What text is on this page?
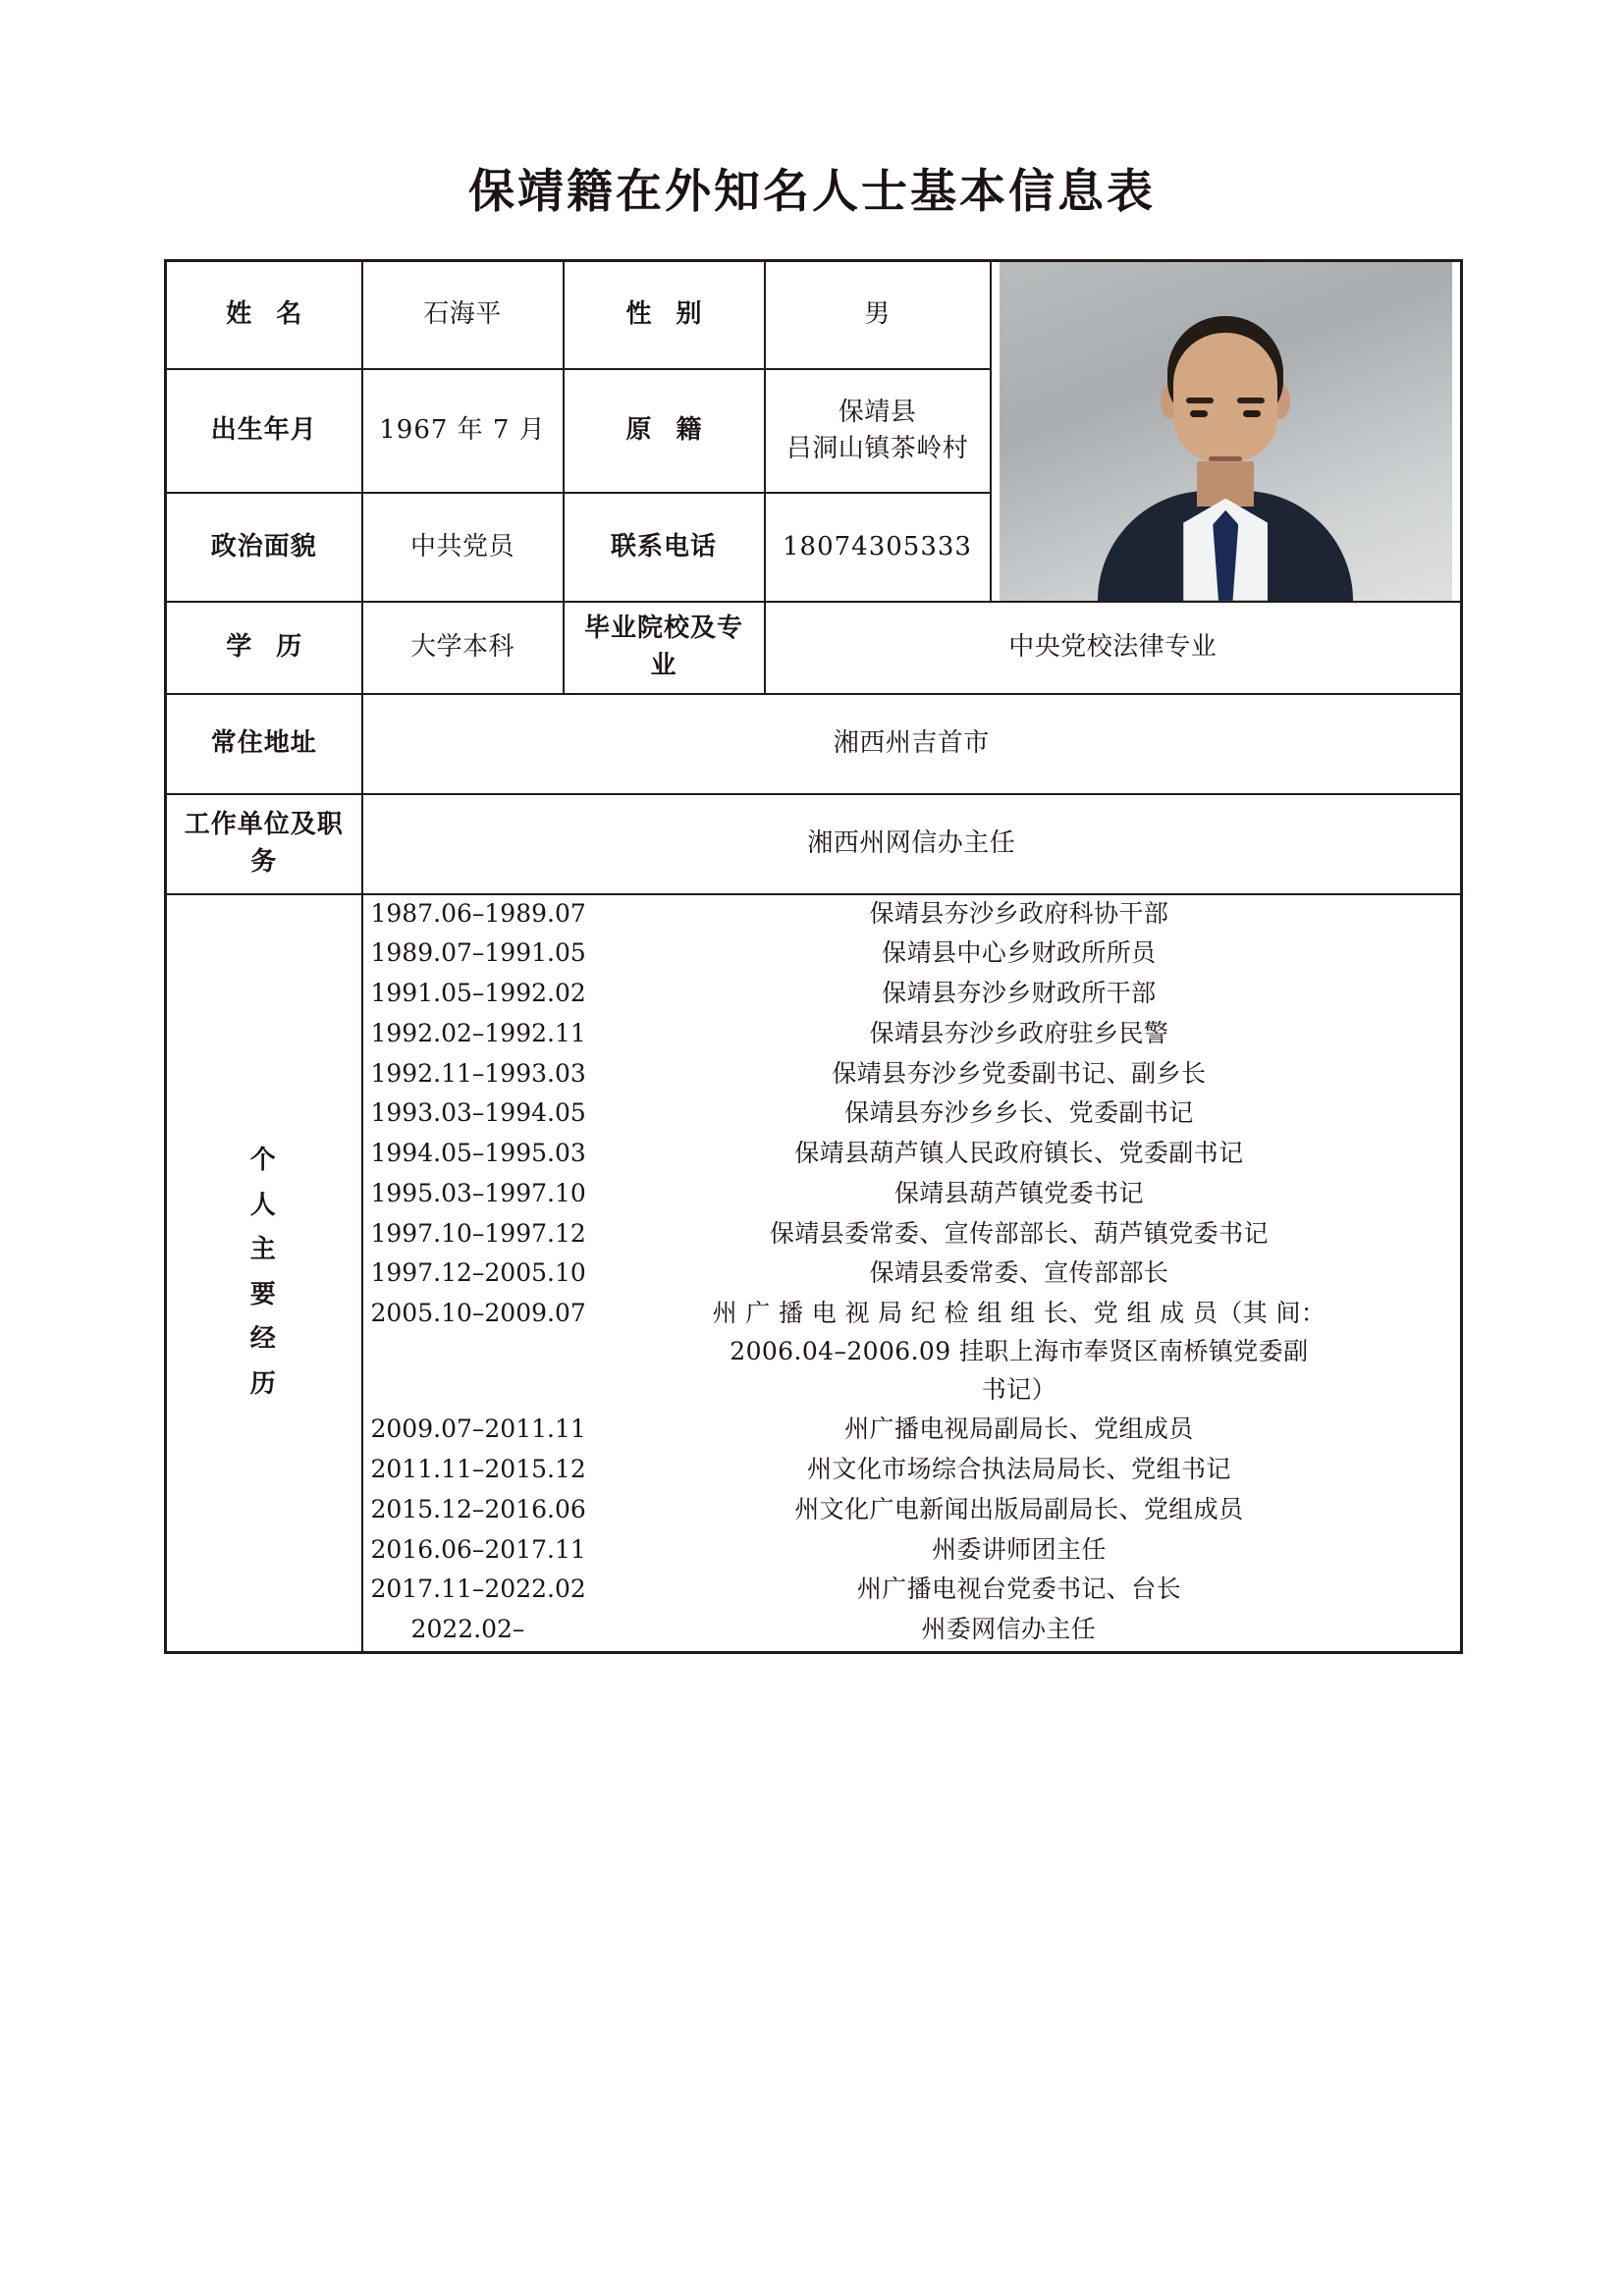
保靖籍在外知名人士基本信息表
姓 名	石海平	性 别	男	

出生年月	1967 年 7 月	原 籍	保靖县
吕洞山镇茶岭村	

政治面貌	中共党员	联系电话	18074305333	
学 历	大学本科	毕业院校及专业	中央党校法律专业	
常住地址	湘西州吉首市			
工作单位及职务	湘西州网信办主任			

个
人
主
要
经
历

1987.06–1989.07	保靖县夯沙乡政府科协干部
1989.07–1991.05	保靖县中心乡财政所所员
1991.05–1992.02	保靖县夯沙乡财政所干部
1992.02–1992.11	保靖县夯沙乡政府驻乡民警
1992.11–1993.03	保靖县夯沙乡党委副书记、副乡长
1993.03–1994.05	保靖县夯沙乡乡长、党委副书记
1994.05–1995.03	保靖县葫芦镇人民政府镇长、党委副书记
1995.03–1997.10	保靖县葫芦镇党委书记
1997.10–1997.12	保靖县委常委、宣传部部长、葫芦镇党委书记
1997.12–2005.10	保靖县委常委、宣传部部长
2005.10–2009.07	州 广 播 电 视 局 纪 检 组 组 长、党 组 成 员（其 间：
2006.04–2006.09 挂职上海市奉贤区南桥镇党委副
书记）
2009.07–2011.11	州广播电视局副局长、党组成员
2011.11–2015.12	州文化市场综合执法局局长、党组书记
2015.12–2016.06	州文化广电新闻出版局副局长、党组成员
2016.06–2017.11	州委讲师团主任
2017.11–2022.02	州广播电视台党委书记、台长
2022.02–	州委网信办主任
